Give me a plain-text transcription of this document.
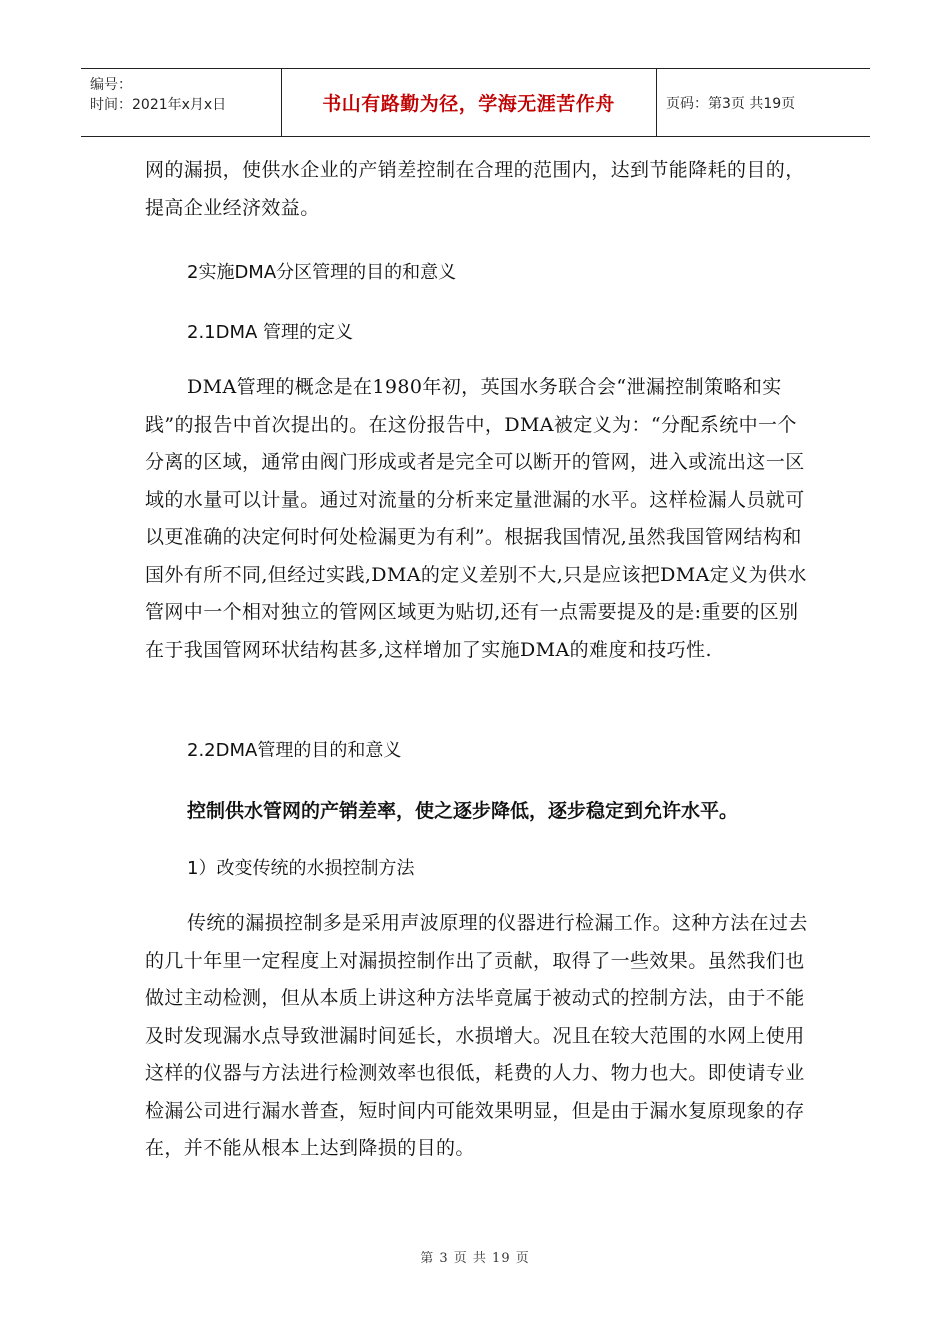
编号：
时间：2021年x月x日	书山有路勤为径，学海无涯苦作舟	页码：第3页 共19页

网的漏损，使供水企业的产销差控制在合理的范围内，达到节能降耗的目的，提高企业经济效益。

2实施DMA分区管理的目的和意义

2.1DMA 管理的定义

DMA管理的概念是在1980年初，英国水务联合会“泄漏控制策略和实践”的报告中首次提出的。在这份报告中，DMA被定义为：“分配系统中一个分离的区域，通常由阀门形成或者是完全可以断开的管网，进入或流出这一区域的水量可以计量。通过对流量的分析来定量泄漏的水平。这样检漏人员就可以更准确的决定何时何处检漏更为有利”。根据我国情况,虽然我国管网结构和国外有所不同,但经过实践,DMA的定义差别不大,只是应该把DMA定义为供水管网中一个相对独立的管网区域更为贴切,还有一点需要提及的是:重要的区别在于我国管网环状结构甚多,这样增加了实施DMA的难度和技巧性.

2.2DMA管理的目的和意义

控制供水管网的产销差率，使之逐步降低，逐步稳定到允许水平。

1）改变传统的水损控制方法

传统的漏损控制多是采用声波原理的仪器进行检漏工作。这种方法在过去的几十年里一定程度上对漏损控制作出了贡献，取得了一些效果。虽然我们也做过主动检测，但从本质上讲这种方法毕竟属于被动式的控制方法，由于不能及时发现漏水点导致泄漏时间延长，水损增大。况且在较大范围的水网上使用这样的仪器与方法进行检测效率也很低，耗费的人力、物力也大。即使请专业检漏公司进行漏水普查，短时间内可能效果明显，但是由于漏水复原现象的存在，并不能从根本上达到降损的目的。

第 3 页 共 19 页
